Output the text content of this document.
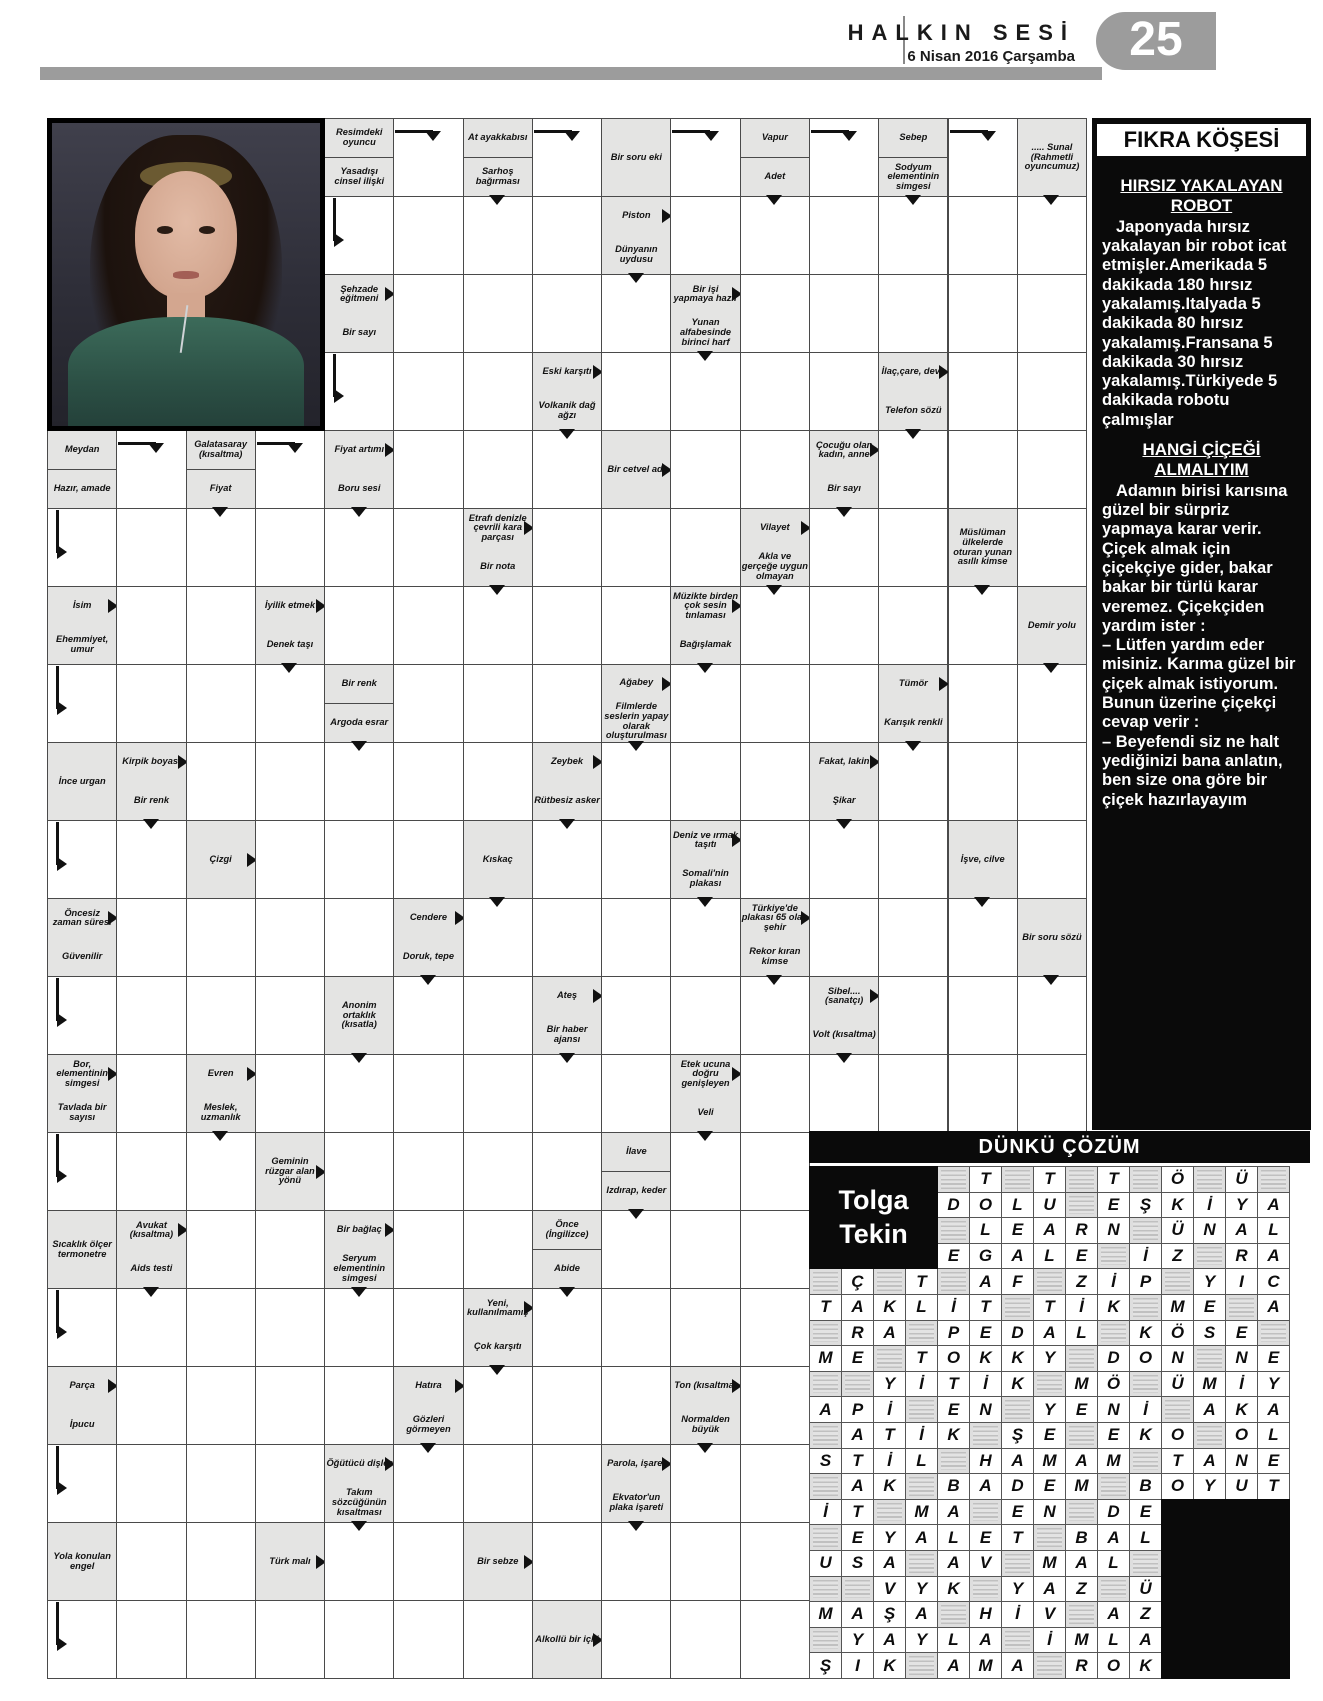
HALKIN SESİ
6 Nisan 2016 Çarşamba	25
Resimdeki oyuncu
Yasadışı cinsel ilişki
At ayakkabısı
Sarhoş bağırması
Bir soru eki
Vapur
Adet
Sebep
Sodyum elementinin simgesi
..... Sunal (Rahmetli oyuncumuz)
Piston
Dünyanın uydusu
Şehzade eğitmeni
Bir sayı
Bir işi yapmaya hazır
Yunan alfabesinde birinci harf
Eski karşıtı
Volkanik dağ ağzı
İlaç,çare, deva
Telefon sözü
Meydan
Hazır, amade
Galatasaray (kısaltma)
Fiyat
Fiyat artımı
Boru sesi
Bir cetvel adı
Çocuğu olan kadın, anne
Bir sayı
Etrafı denizle çevrili kara parçası
Bir nota
Vilayet
Akla ve gerçeğe uygun olmayan
Müslüman ülkelerde oturan yunan asıllı kimse
İsim
Ehemmiyet, umur
İyilik etmek
Denek taşı
Müzikte birden çok sesin tınlaması
Bağışlamak
Demir yolu
Bir renk
Argoda esrar
Ağabey
Filmlerde seslerin yapay olarak oluşturulması
Tümör
Karışık renkli
İnce urgan
Kirpik boyası
Bir renk
Zeybek
Rütbesiz asker
Fakat, lakin
Şikar
Çizgi	Kıskaç
Deniz ve ırmak taşıtı
Somali'nin plakası
İşve, cilve
Öncesiz zaman süresi
Güvenilir
Cendere
Doruk, tepe
Türkiye'de plakası 65 olan şehir
Rekor kıran kimse
Bir soru sözü
Anonim ortaklık (kısatla)
Ateş
Bir haber ajansı
Sibel.... (sanatçı)
Volt (kısaltma)
Bor, elementinin simgesi
Tavlada bir sayısı
Evren
Meslek, uzmanlık
Etek ucuna doğru genişleyen
Veli
Geminin rüzgar alan yönü
İlave
Izdırap, keder
Sıcaklık ölçer termonetre
Avukat (kısaltma)
Aids testi
Bir bağlaç
Seryum elementinin simgesi
Önce (İngilizce)
Abide
Yeni, kullanılmamış
Çok karşıtı
Parça
İpucu
Hatıra
Gözleri görmeyen
Ton (kısaltma)
Normalden büyük
Öğütücü dişler
Takım sözcüğünün kısaltması
Parola, işaret
Ekvator'un plaka işareti
Yola konulan engel	Türk malı	Bir sebze
Alkollü bir içki
FIKRA KÖŞESİ
HIRSIZ YAKALAYAN ROBOT

Japonyada hırsız yakalayan bir robot icat etmişler.Amerikada 5 dakikada 180 hırsız yakalamış.Italyada 5 dakikada 80 hırsız yakalamış.Fransana 5 dakikada 30 hırsız yakalamış.Türkiyede 5 dakikada robotu çalmışlar

HANGİ ÇİÇEĞİ ALMALIYIM

Adamın birisi karısına güzel bir sürpriz yapmaya karar verir. Çiçek almak için çiçekçiye gider, bakar bakar bir türlü karar veremez. Çiçekçiden yardım ister :

– Lütfen yardım eder misiniz. Karıma güzel bir çiçek almak istiyorum. Bunun üzerine çiçekçi cevap verir :

– Beyefendi siz ne halt yediğinizi bana anlatın, ben size ona göre bir çiçek hazırlayayım

DÜNKÜ ÇÖZÜM
Tolga
Tekin
T	T	T	Ö	Ü
D	O	L	U	E	Ş	K	İ	Y	A
L	E	A	R	N	Ü	N	A	L
E	G	A	L	E	İ	Z	R	A
Ç	T	A	F	Z	İ	P	Y	I	C
T	A	K	L	İ	T	T	İ	K	M	E	A
R	A	P	E	D	A	L	K	Ö	S	E
M	E	T	O	K	K	Y	D	O	N	N	E
Y	İ	T	İ	K	M	Ö	Ü	M	İ	Y
A	P	İ	E	N	Y	E	N	İ	A	K	A
A	T	İ	K	Ş	E	E	K	O	O	L
S	T	İ	L	H	A	M	A	M	T	A	N	E
A	K	B	A	D	E	M	B	O	Y	U	T
İ	T	M	A	E	N	D	E
E	Y	A	L	E	T	B	A	L
U	S	A	A	V	M	A	L
V	Y	K	Y	A	Z	Ü
M	A	Ş	A	H	İ	V	A	Z
Y	A	Y	L	A	İ	M	L	A
Ş	I	K	A	M	A	R	O	K
